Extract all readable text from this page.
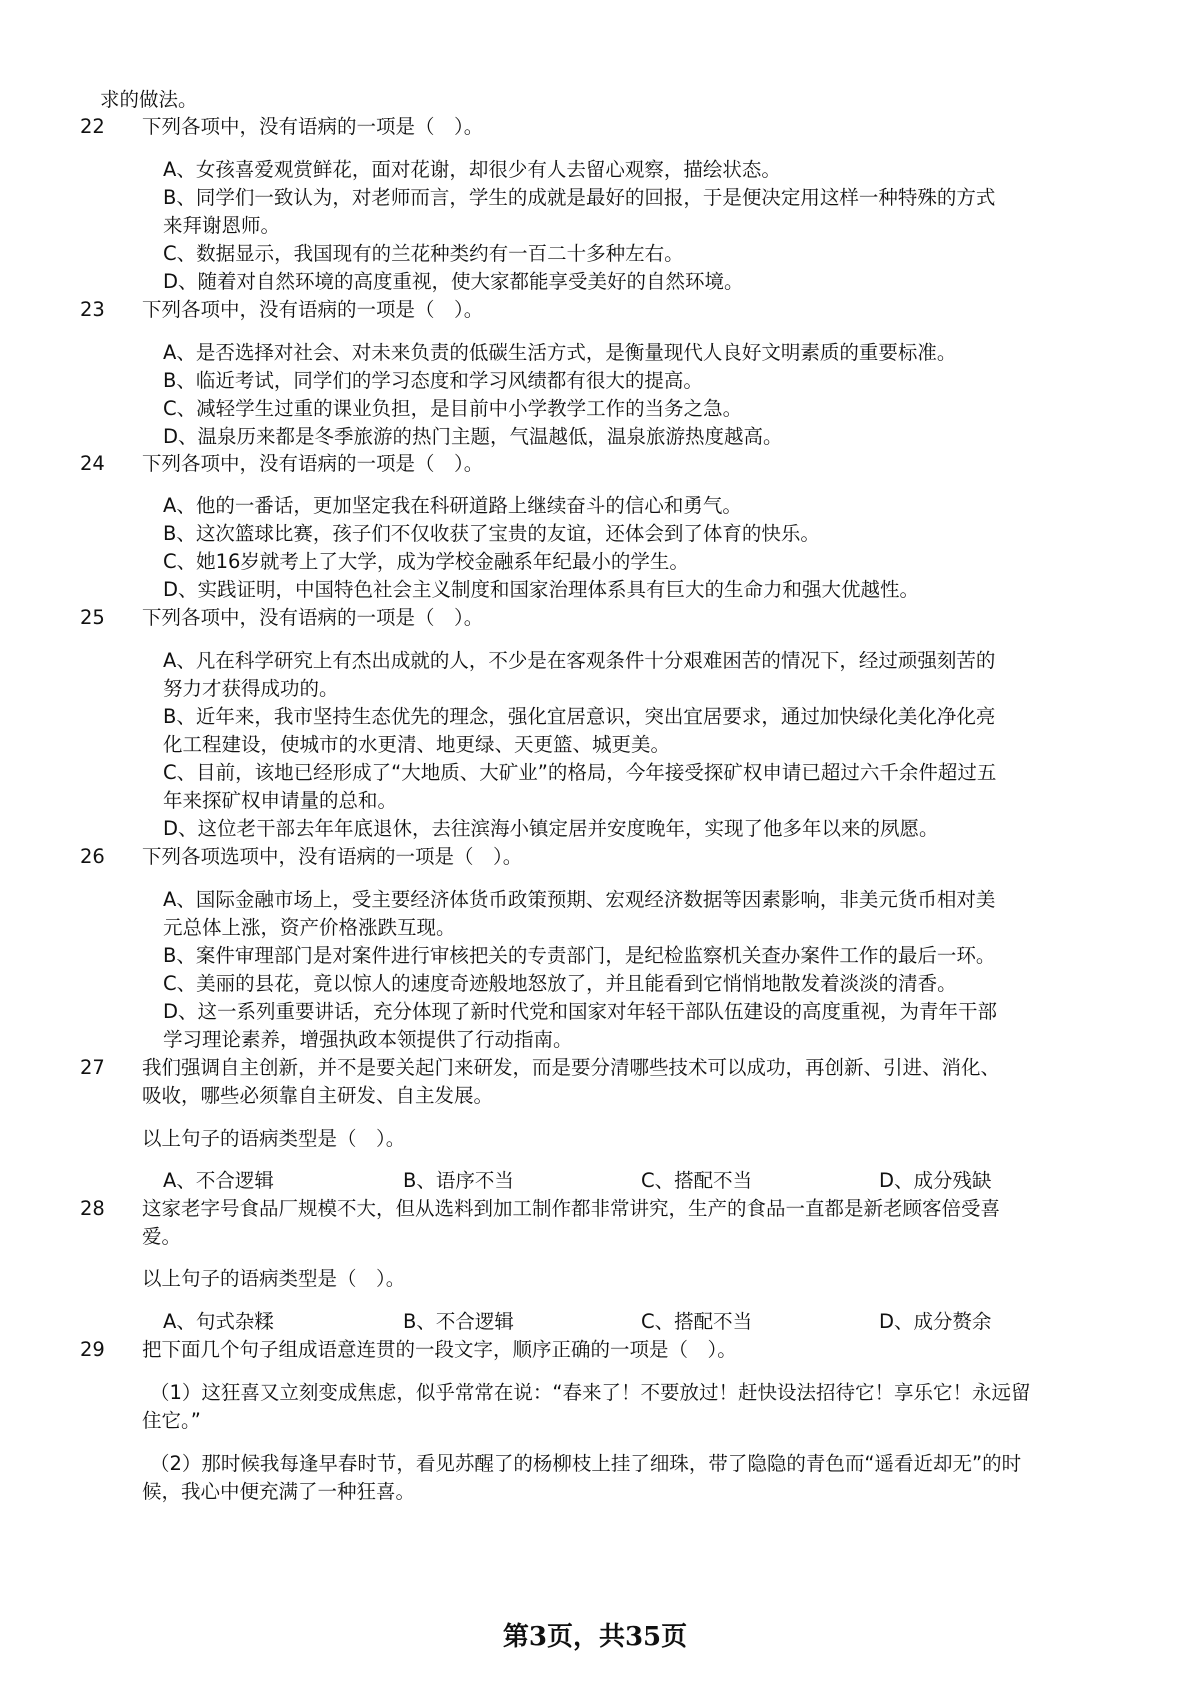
求的做法。
22	下列各项中，没有语病的一项是（　）。
A、女孩喜爱观赏鲜花，面对花谢，却很少有人去留心观察，描绘状态。
B、同学们一致认为，对老师而言，学生的成就是最好的回报，于是便决定用这样一种特殊的方式
来拜谢恩师。
C、数据显示，我国现有的兰花种类约有一百二十多种左右。
D、随着对自然环境的高度重视，使大家都能享受美好的自然环境。
23	下列各项中，没有语病的一项是（　）。
A、是否选择对社会、对未来负责的低碳生活方式，是衡量现代人良好文明素质的重要标准。
B、临近考试，同学们的学习态度和学习风绩都有很大的提高。
C、减轻学生过重的课业负担，是目前中小学教学工作的当务之急。
D、温泉历来都是冬季旅游的热门主题，气温越低，温泉旅游热度越高。
24	下列各项中，没有语病的一项是（　）。
A、他的一番话，更加坚定我在科研道路上继续奋斗的信心和勇气。
B、这次篮球比赛，孩子们不仅收获了宝贵的友谊，还体会到了体育的快乐。
C、她16岁就考上了大学，成为学校金融系年纪最小的学生。
D、实践证明，中国特色社会主义制度和国家治理体系具有巨大的生命力和强大优越性。
25	下列各项中，没有语病的一项是（　）。
A、凡在科学研究上有杰出成就的人，不少是在客观条件十分艰难困苦的情况下，经过顽强刻苦的
努力才获得成功的。
B、近年来，我市坚持生态优先的理念，强化宜居意识，突出宜居要求，通过加快绿化美化净化亮
化工程建设，使城市的水更清、地更绿、天更篮、城更美。
C、目前，该地已经形成了“大地质、大矿业”的格局，今年接受探矿权申请已超过六千余件超过五
年来探矿权申请量的总和。
D、这位老干部去年年底退休，去往滨海小镇定居并安度晚年，实现了他多年以来的夙愿。
26	下列各项选项中，没有语病的一项是（　）。
A、国际金融市场上，受主要经济体货币政策预期、宏观经济数据等因素影响，非美元货币相对美
元总体上涨，资产价格涨跌互现。
B、案件审理部门是对案件进行审核把关的专责部门，是纪检监察机关查办案件工作的最后一环。
C、美丽的县花，竟以惊人的速度奇迹般地怒放了，并且能看到它悄悄地散发着淡淡的清香。
D、这一系列重要讲话，充分体现了新时代党和国家对年轻干部队伍建设的高度重视，为青年干部
学习理论素养，增强执政本领提供了行动指南。
27	我们强调自主创新，并不是要关起门来研发，而是要分清哪些技术可以成功，再创新、引进、消化、
吸收，哪些必须靠自主研发、自主发展。
以上句子的语病类型是（　）。
A、不合逻辑	B、语序不当	C、搭配不当	D、成分残缺
28	这家老字号食品厂规模不大，但从选料到加工制作都非常讲究，生产的食品一直都是新老顾客倍受喜
爱。
以上句子的语病类型是（　）。
A、句式杂糅	B、不合逻辑	C、搭配不当	D、成分赘余
29	把下面几个句子组成语意连贯的一段文字，顺序正确的一项是（　）。
（1）这狂喜又立刻变成焦虑，似乎常常在说：“春来了！不要放过！赶快设法招待它！享乐它！永远留
住它。”
（2）那时候我每逢早春时节，看见苏醒了的杨柳枝上挂了细珠，带了隐隐的青色而“遥看近却无”的时
候，我心中便充满了一种狂喜。
第3页，共35页
